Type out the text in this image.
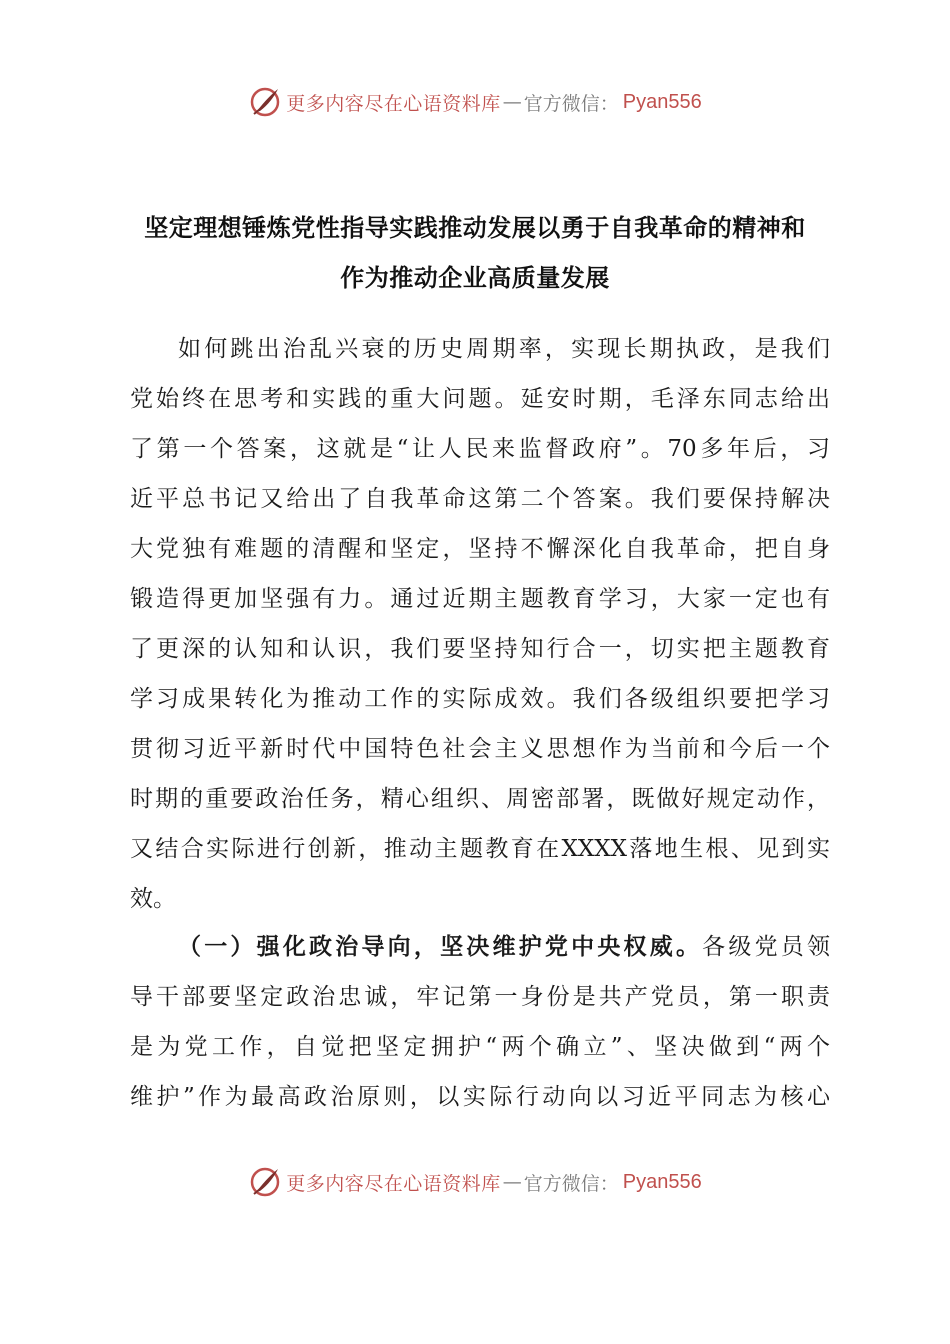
更多内容尽在心语资料库 — 官方微信： Pyan556
坚定理想锤炼党性指导实践推动发展以勇于自我革命的精神和
作为推动企业高质量发展
如何跳出治乱兴衰的历史周期率，实现长期执政，是我们
党始终在思考和实践的重大问题。延安时期，毛泽东同志给出
了第一个答案，这就是“让人民来监督政府”。70多年后，习
近平总书记又给出了自我革命这第二个答案。我们要保持解决
大党独有难题的清醒和坚定，坚持不懈深化自我革命，把自身
锻造得更加坚强有力。通过近期主题教育学习，大家一定也有
了更深的认知和认识，我们要坚持知行合一，切实把主题教育
学习成果转化为推动工作的实际成效。我们各级组织要把学习
贯彻习近平新时代中国特色社会主义思想作为当前和今后一个
时期的重要政治任务，精心组织、周密部署，既做好规定动作，
又结合实际进行创新，推动主题教育在XXXX落地生根、见到实
效。
（一）强化政治导向，坚决维护党中央权威。各级党员领
导干部要坚定政治忠诚，牢记第一身份是共产党员，第一职责
是为党工作，自觉把坚定拥护“两个确立”、坚决做到“两个
维护”作为最高政治原则，以实际行动向以习近平同志为核心
更多内容尽在心语资料库 — 官方微信： Pyan556
